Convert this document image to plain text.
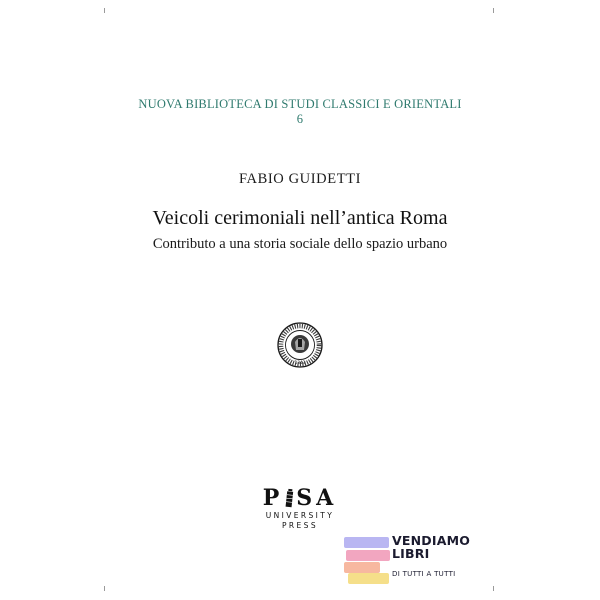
NUOVA BIBLIOTECA DI STUDI CLASSICI E ORIENTALI
6
FABIO GUIDETTI
Veicoli cerimoniali nell’antica Roma
Contributo a una storia sociale dello spazio urbano
1343
P SA
UNIVERSITY
PRESS
VENDIAMO
LIBRI
DI TUTTI A TUTTI
